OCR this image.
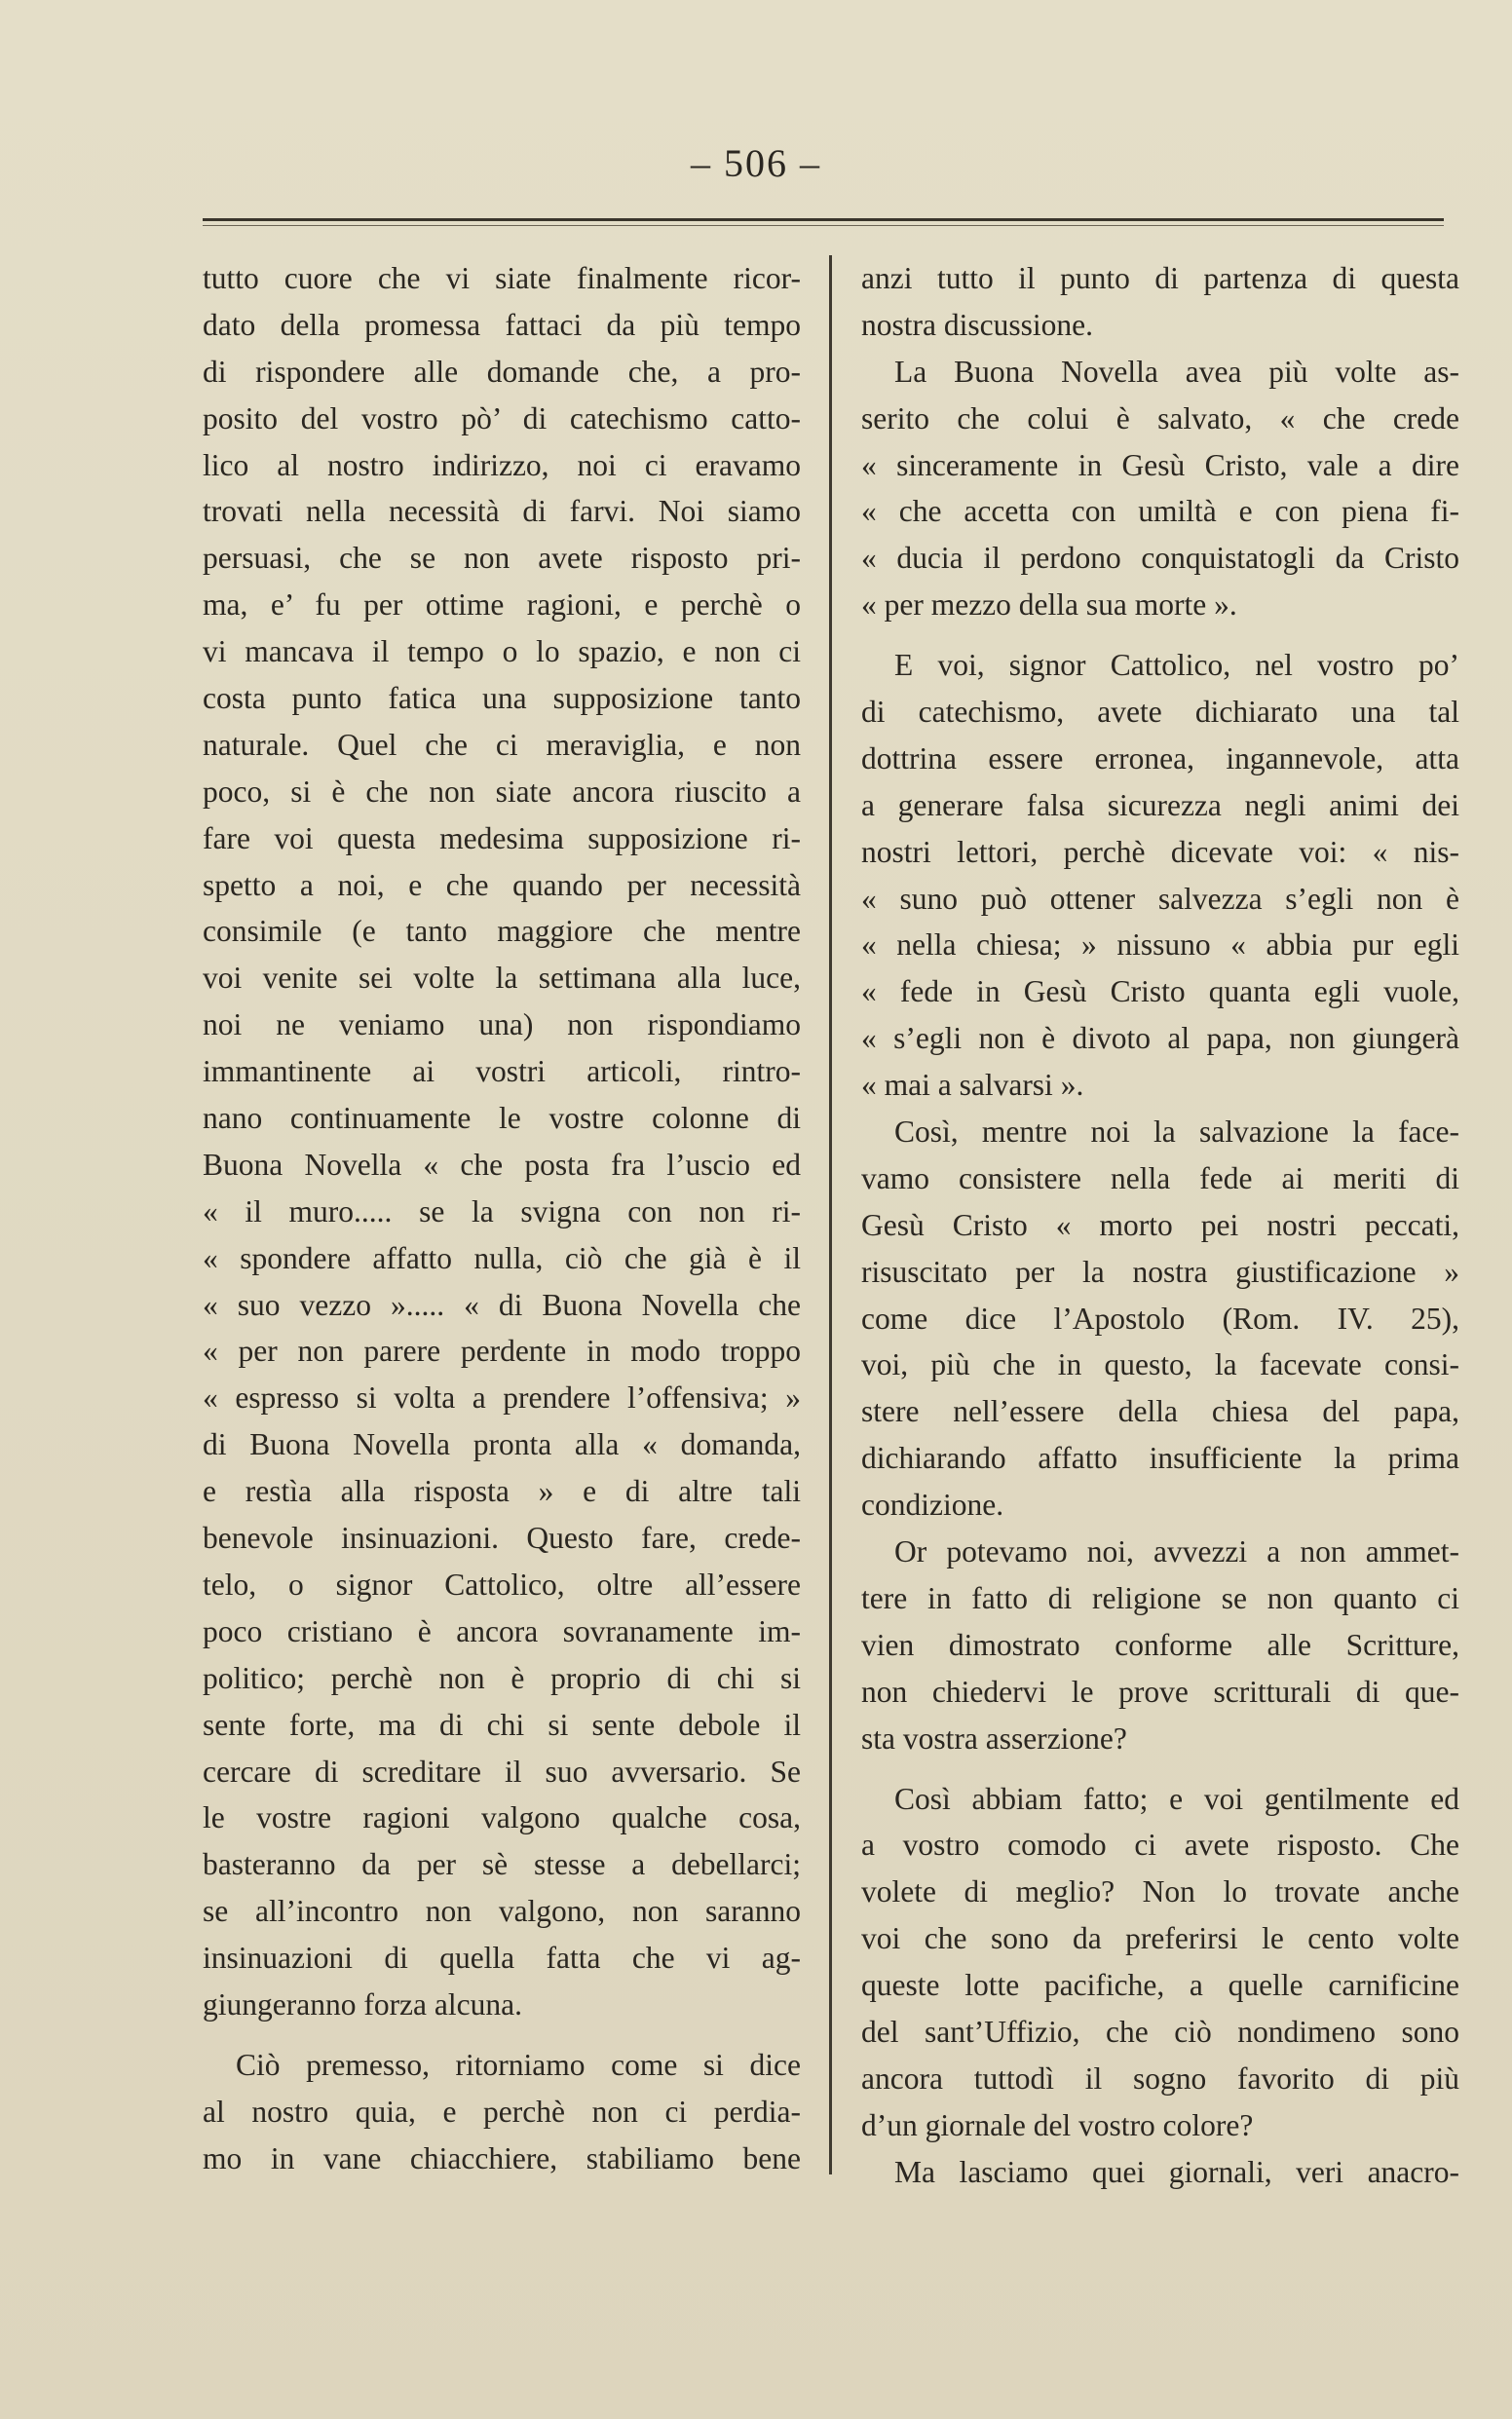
– 506 –
tutto cuore che vi siate finalmente ricor-
dato della promessa fattaci da più tempo
di rispondere alle domande che, a pro-
posito del vostro pò’ di catechismo catto-
lico al nostro indirizzo, noi ci eravamo
trovati nella necessità di farvi. Noi siamo
persuasi, che se non avete risposto pri-
ma, e’ fu per ottime ragioni, e perchè o
vi mancava il tempo o lo spazio, e non ci
costa punto fatica una supposizione tanto
naturale. Quel che ci meraviglia, e non
poco, si è che non siate ancora riuscito a
fare voi questa medesima supposizione ri-
spetto a noi, e che quando per necessità
consimile (e tanto maggiore che mentre
voi venite sei volte la settimana alla luce,
noi ne veniamo una) non rispondiamo
immantinente ai vostri articoli, rintro-
nano continuamente le vostre colonne di
Buona Novella « che posta fra l’uscio ed
« il muro..... se la svigna con non ri-
« spondere affatto nulla, ciò che già è il
« suo vezzo »..... « di Buona Novella che
« per non parere perdente in modo troppo
« espresso si volta a prendere l’offensiva; »
di Buona Novella pronta alla « domanda,
e restìa alla risposta » e di altre tali
benevole insinuazioni. Questo fare, crede-
telo, o signor Cattolico, oltre all’essere
poco cristiano è ancora sovranamente im-
politico; perchè non è proprio di chi si
sente forte, ma di chi si sente debole il
cercare di screditare il suo avversario. Se
le vostre ragioni valgono qualche cosa,
basteranno da per sè stesse a debellarci;
se all’incontro non valgono, non saranno
insinuazioni di quella fatta che vi ag-
giungeranno forza alcuna.
Ciò premesso, ritorniamo come si dice
al nostro quia, e perchè non ci perdia-
mo in vane chiacchiere, stabiliamo bene
anzi tutto il punto di partenza di questa
nostra discussione.
La Buona Novella avea più volte as-
serito che colui è salvato, « che crede
« sinceramente in Gesù Cristo, vale a dire
« che accetta con umiltà e con piena fi-
« ducia il perdono conquistatogli da Cristo
« per mezzo della sua morte ».
E voi, signor Cattolico, nel vostro po’
di catechismo, avete dichiarato una tal
dottrina essere erronea, ingannevole, atta
a generare falsa sicurezza negli animi dei
nostri lettori, perchè dicevate voi: « nis-
« suno può ottener salvezza s’egli non è
« nella chiesa; » nissuno « abbia pur egli
« fede in Gesù Cristo quanta egli vuole,
« s’egli non è divoto al papa, non giungerà
« mai a salvarsi ».
Così, mentre noi la salvazione la face-
vamo consistere nella fede ai meriti di
Gesù Cristo « morto pei nostri peccati,
risuscitato per la nostra giustificazione »
come dice l’Apostolo (Rom. IV. 25),
voi, più che in questo, la facevate consi-
stere nell’essere della chiesa del papa,
dichiarando affatto insufficiente la prima
condizione.
Or potevamo noi, avvezzi a non ammet-
tere in fatto di religione se non quanto ci
vien dimostrato conforme alle Scritture,
non chiedervi le prove scritturali di que-
sta vostra asserzione?
Così abbiam fatto; e voi gentilmente ed
a vostro comodo ci avete risposto. Che
volete di meglio? Non lo trovate anche
voi che sono da preferirsi le cento volte
queste lotte pacifiche, a quelle carnificine
del sant’Uffizio, che ciò nondimeno sono
ancora tuttodì il sogno favorito di più
d’un giornale del vostro colore?
Ma lasciamo quei giornali, veri anacro-
